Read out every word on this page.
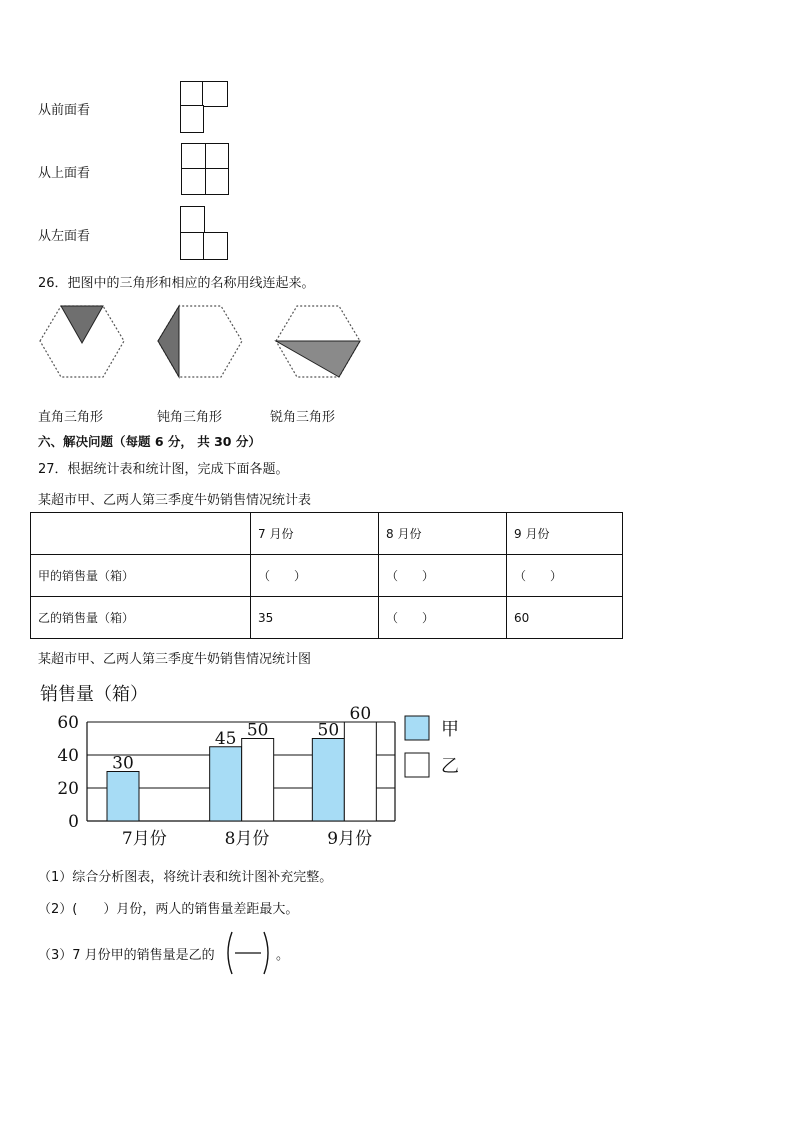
从前面看
从上面看
从左面看
26．把图中的三角形和相应的名称用线连起来。
直角三角形	钝角三角形	锐角三角形
六、解决问题（每题 6 分， 共 30 分）
27．根据统计表和统计图，完成下面各题。
某超市甲、乙两人第三季度牛奶销售情况统计表
	7 月份	8 月份	9 月份
甲的销售量（箱）	（　　）	（　　）	（　　）
乙的销售量（箱）	35	（　　）	60
某超市甲、乙两人第三季度牛奶销售情况统计图
销售量（箱）
0
20
40
60
30
7月份
45 50
8月份
50
60
9月份
甲
乙
（1）综合分析图表，将统计表和统计图补充完整。
（2）(　　）月份，两人的销售量差距最大。
（3）7 月份甲的销售量是乙的	。
